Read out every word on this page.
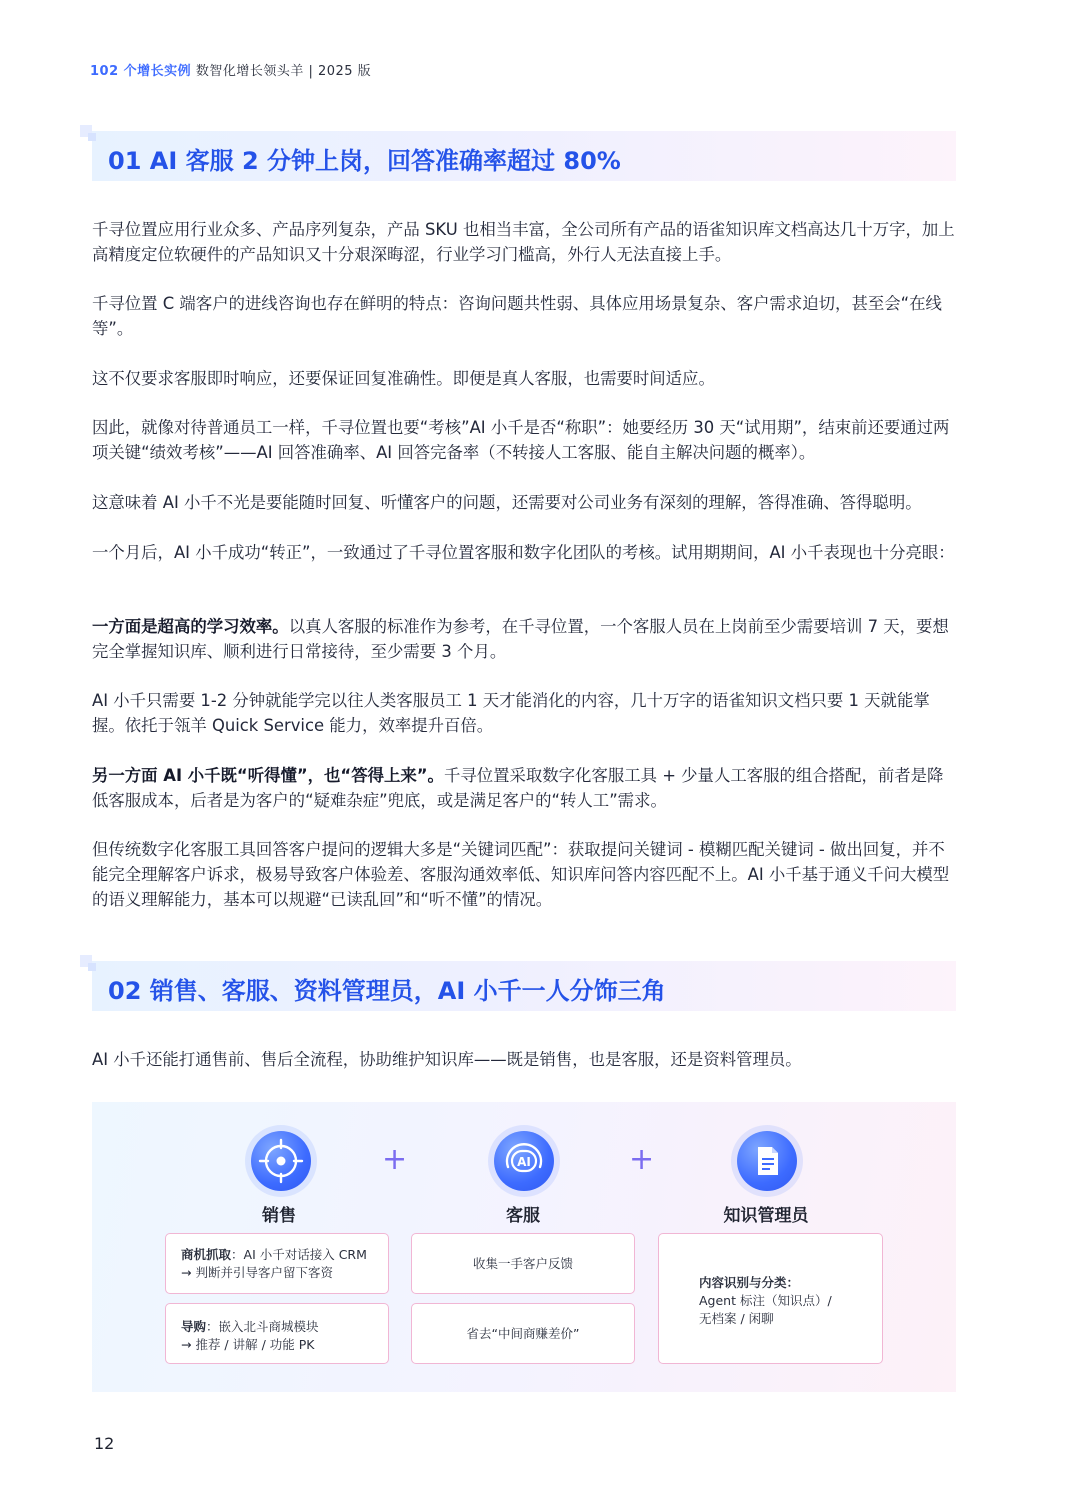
102 个增长实例 数智化增长领头羊 | 2025 版
01 AI 客服 2 分钟上岗，回答准确率超过 80%

千寻位置应用行业众多、产品序列复杂，产品 SKU 也相当丰富，全公司所有产品的语雀知识库文档高达几十万字，加上高精度定位软硬件的产品知识又十分艰深晦涩，行业学习门槛高，外行人无法直接上手。

千寻位置 C 端客户的进线咨询也存在鲜明的特点：咨询问题共性弱、具体应用场景复杂、客户需求迫切，甚至会“在线等”。

这不仅要求客服即时响应，还要保证回复准确性。即便是真人客服，也需要时间适应。

因此，就像对待普通员工一样，千寻位置也要“考核”AI 小千是否“称职”：她要经历 30 天“试用期”，结束前还要通过两项关键“绩效考核”——AI 回答准确率、AI 回答完备率（不转接人工客服、能自主解决问题的概率）。

这意味着 AI 小千不光是要能随时回复、听懂客户的问题，还需要对公司业务有深刻的理解，答得准确、答得聪明。

一个月后，AI 小千成功“转正”，一致通过了千寻位置客服和数字化团队的考核。试用期期间，AI 小千表现也十分亮眼：

一方面是超高的学习效率。以真人客服的标准作为参考，在千寻位置，一个客服人员在上岗前至少需要培训 7 天，要想完全掌握知识库、顺利进行日常接待，至少需要 3 个月。

AI 小千只需要 1-2 分钟就能学完以往人类客服员工 1 天才能消化的内容，几十万字的语雀知识文档只要 1 天就能掌握。依托于瓴羊 Quick Service 能力，效率提升百倍。

另一方面 AI 小千既“听得懂”，也“答得上来”。千寻位置采取数字化客服工具 + 少量人工客服的组合搭配，前者是降低客服成本，后者是为客户的“疑难杂症”兜底，或是满足客户的“转人工”需求。

但传统数字化客服工具回答客户提问的逻辑大多是“关键词匹配”：获取提问关键词 - 模糊匹配关键词 - 做出回复，并不能完全理解客户诉求，极易导致客户体验差、客服沟通效率低、知识库问答内容匹配不上。AI 小千基于通义千问大模型的语义理解能力，基本可以规避“已读乱回”和“听不懂”的情况。

02 销售、客服、资料管理员，AI 小千一人分饰三角

AI 小千还能打通售前、售后全流程，协助维护知识库——既是销售，也是客服，还是资料管理员。

+	AI	+
销售	客服	知识管理员
商机抓取：AI 小千对话接入 CRM
→ 判断并引导客户留下客资
导购：嵌入北斗商城模块
→ 推荐 / 讲解 / 功能 PK
收集一手客户反馈
省去“中间商赚差价”
内容识别与分类：
Agent 标注（知识点）/
无档案 / 闲聊
12
